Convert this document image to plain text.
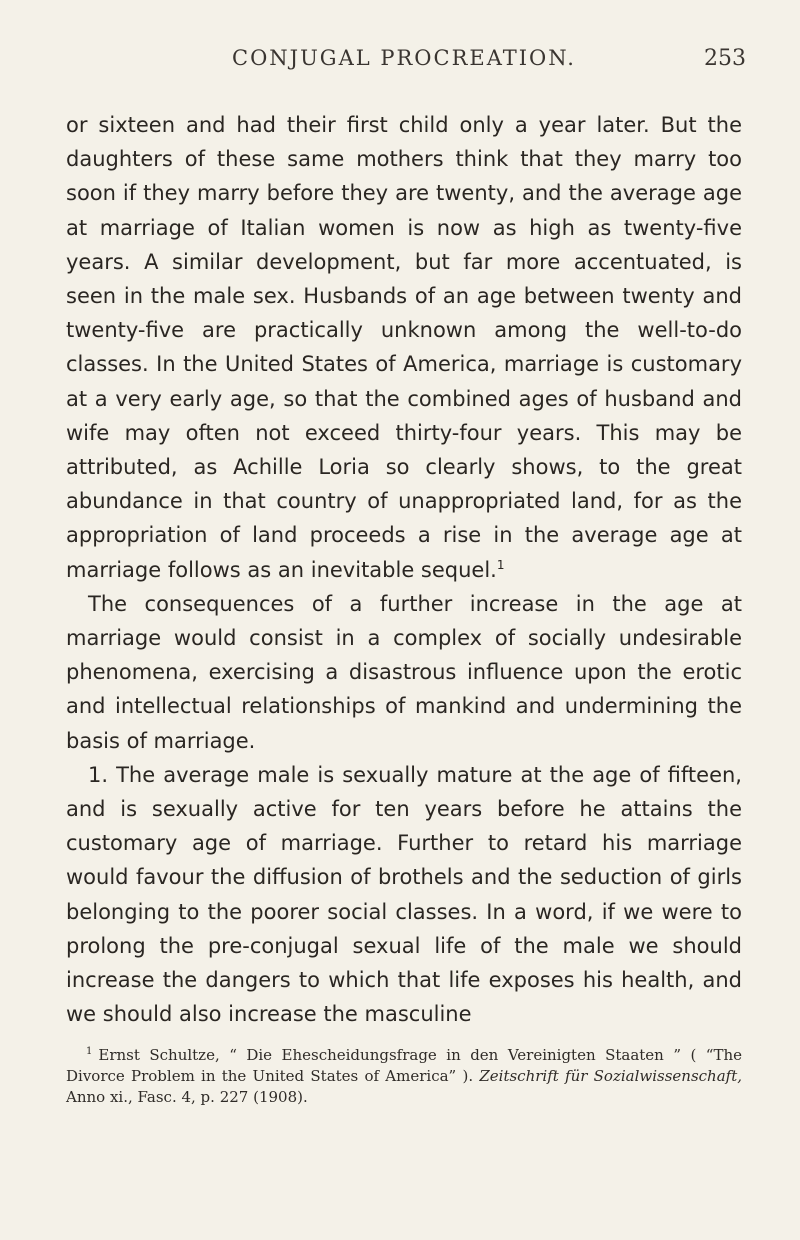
CONJUGAL PROCREATION.	253

or sixteen and had their first child only a year later. But the daughters of these same mothers think that they marry too soon if they marry before they are twenty, and the average age at marriage of Italian women is now as high as twenty-five years. A similar development, but far more accentuated, is seen in the male sex. Husbands of an age between twenty and twenty-five are practically unknown among the well-to-do classes. In the United States of America, marriage is customary at a very early age, so that the combined ages of husband and wife may often not exceed thirty-four years. This may be attributed, as Achille Loria so clearly shows, to the great abundance in that country of unappropriated land, for as the appropriation of land proceeds a rise in the average age at marriage follows as an inevitable sequel.$^1$

The consequences of a further increase in the age at marriage would consist in a complex of socially undesirable phenomena, exercising a disastrous influence upon the erotic and intellectual relationships of mankind and undermining the basis of marriage.

1. The average male is sexually mature at the age of fifteen, and is sexually active for ten years before he attains the customary age of marriage. Further to retard his marriage would favour the diffusion of brothels and the seduction of girls belonging to the poorer social classes. In a word, if we were to prolong the pre-conjugal sexual life of the male we should increase the dangers to which that life exposes his health, and we should also increase the masculine

$^1$ Ernst Schultze, “ Die Ehescheidungsfrage in den Vereinigten Staaten ” ( “The Divorce Problem in the United States of America” ). Zeitschrift für Sozialwissenschaft, Anno xi., Fasc. 4, p. 227 (1908).
